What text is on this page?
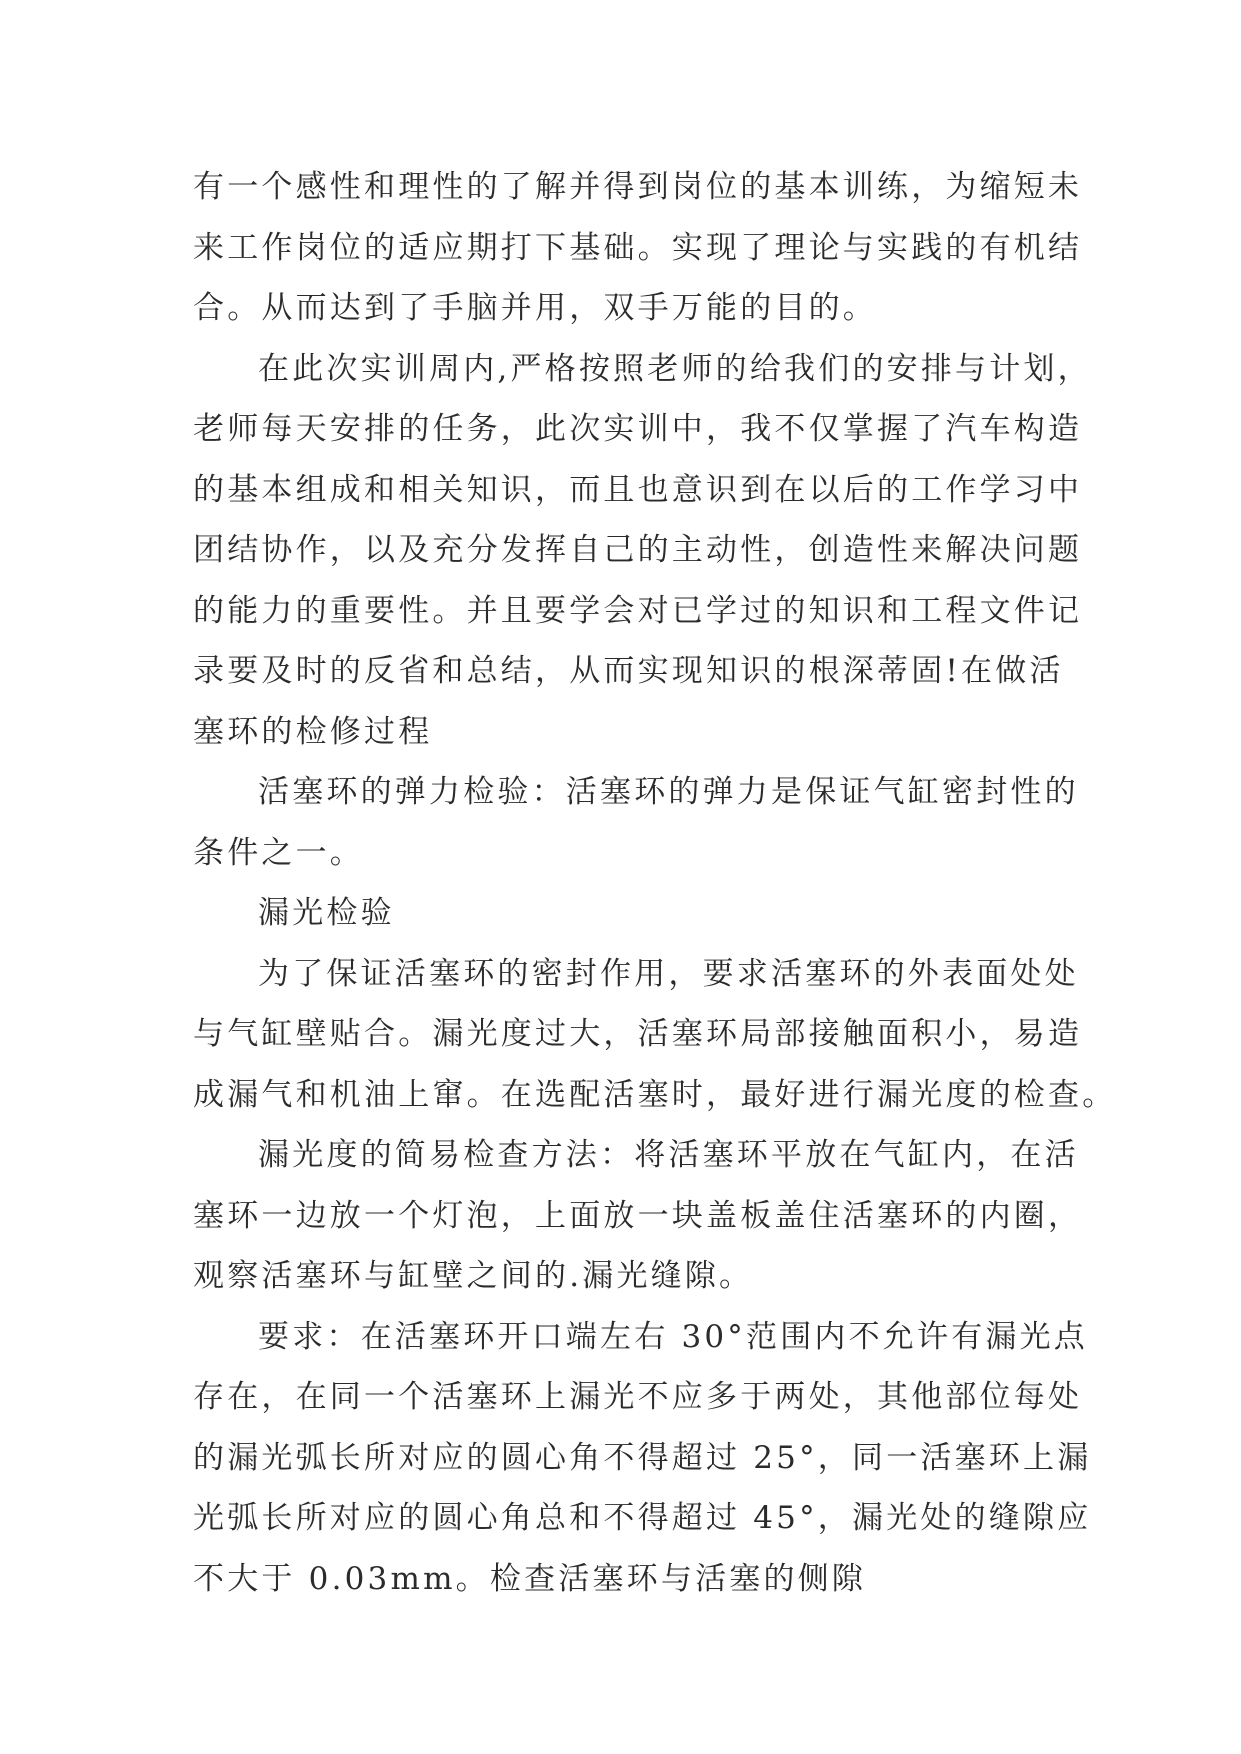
有一个感性和理性的了解并得到岗位的基本训练，为缩短未
来工作岗位的适应期打下基础。实现了理论与实践的有机结
合。从而达到了手脑并用，双手万能的目的。
在此次实训周内,严格按照老师的给我们的安排与计划，
老师每天安排的任务，此次实训中，我不仅掌握了汽车构造
的基本组成和相关知识，而且也意识到在以后的工作学习中
团结协作，以及充分发挥自己的主动性，创造性来解决问题
的能力的重要性。并且要学会对已学过的知识和工程文件记
录要及时的反省和总结，从而实现知识的根深蒂固!在做活
塞环的检修过程
活塞环的弹力检验：活塞环的弹力是保证气缸密封性的
条件之一。
漏光检验
为了保证活塞环的密封作用，要求活塞环的外表面处处
与气缸壁贴合。漏光度过大，活塞环局部接触面积小，易造
成漏气和机油上窜。在选配活塞时，最好进行漏光度的检查。
漏光度的简易检查方法：将活塞环平放在气缸内，在活
塞环一边放一个灯泡，上面放一块盖板盖住活塞环的内圈，
观察活塞环与缸壁之间的.漏光缝隙。
要求：在活塞环开口端左右 30°范围内不允许有漏光点
存在，在同一个活塞环上漏光不应多于两处，其他部位每处
的漏光弧长所对应的圆心角不得超过 25°，同一活塞环上漏
光弧长所对应的圆心角总和不得超过 45°，漏光处的缝隙应
不大于 0.03mm。检查活塞环与活塞的侧隙
